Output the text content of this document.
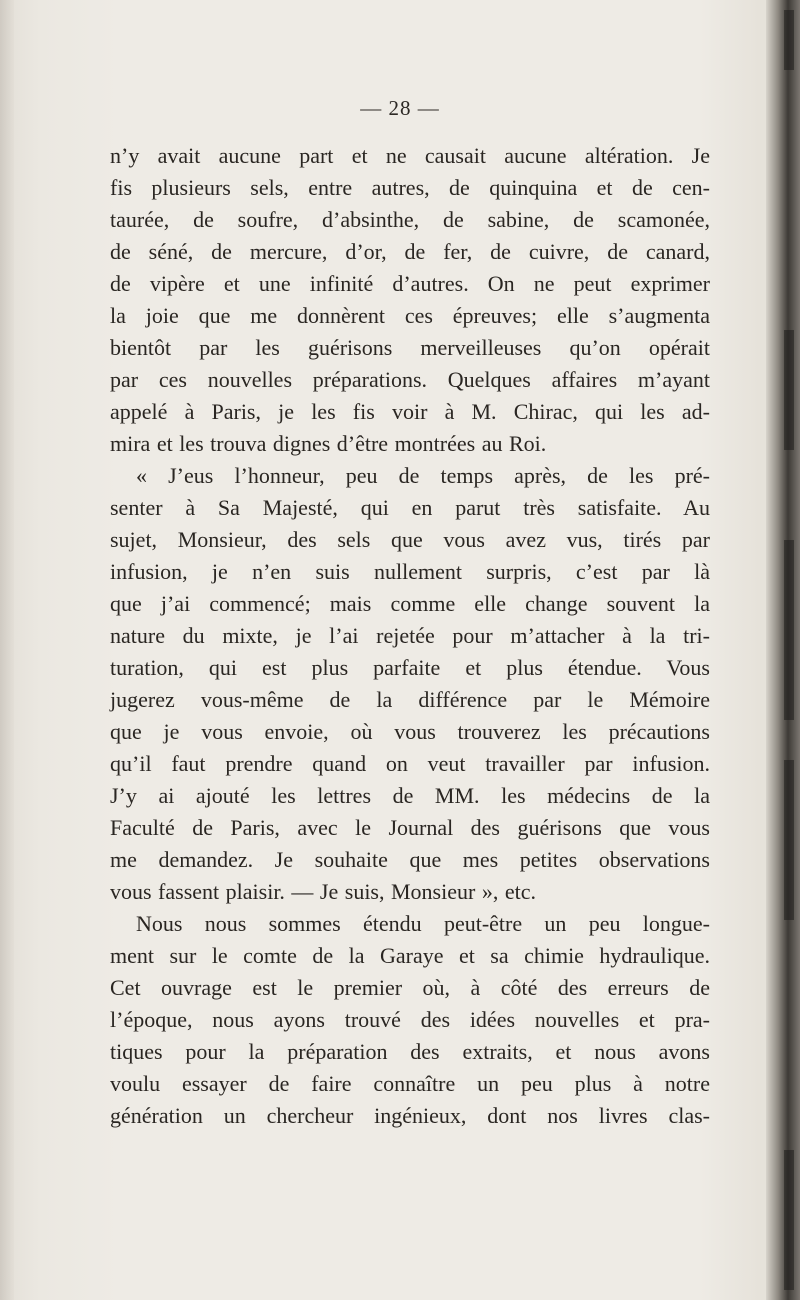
— 28 —
n’y avait aucune part et ne causait aucune altération. Je
fis plusieurs sels, entre autres, de quinquina et de cen-
taurée, de soufre, d’absinthe, de sabine, de scamonée,
de séné, de mercure, d’or, de fer, de cuivre, de canard,
de vipère et une infinité d’autres. On ne peut exprimer
la joie que me donnèrent ces épreuves; elle s’augmenta
bientôt par les guérisons merveilleuses qu’on opérait
par ces nouvelles préparations. Quelques affaires m’ayant
appelé à Paris, je les fis voir à M. Chirac, qui les ad-
mira et les trouva dignes d’être montrées au Roi.
« J’eus l’honneur, peu de temps après, de les pré-
senter à Sa Majesté, qui en parut très satisfaite. Au
sujet, Monsieur, des sels que vous avez vus, tirés par
infusion, je n’en suis nullement surpris, c’est par là
que j’ai commencé; mais comme elle change souvent la
nature du mixte, je l’ai rejetée pour m’attacher à la tri-
turation, qui est plus parfaite et plus étendue. Vous
jugerez vous-même de la différence par le Mémoire
que je vous envoie, où vous trouverez les précautions
qu’il faut prendre quand on veut travailler par infusion.
J’y ai ajouté les lettres de MM. les médecins de la
Faculté de Paris, avec le Journal des guérisons que vous
me demandez. Je souhaite que mes petites observations
vous fassent plaisir. — Je suis, Monsieur », etc.
Nous nous sommes étendu peut-être un peu longue-
ment sur le comte de la Garaye et sa chimie hydraulique.
Cet ouvrage est le premier où, à côté des erreurs de
l’époque, nous ayons trouvé des idées nouvelles et pra-
tiques pour la préparation des extraits, et nous avons
voulu essayer de faire connaître un peu plus à notre
génération un chercheur ingénieux, dont nos livres clas-
